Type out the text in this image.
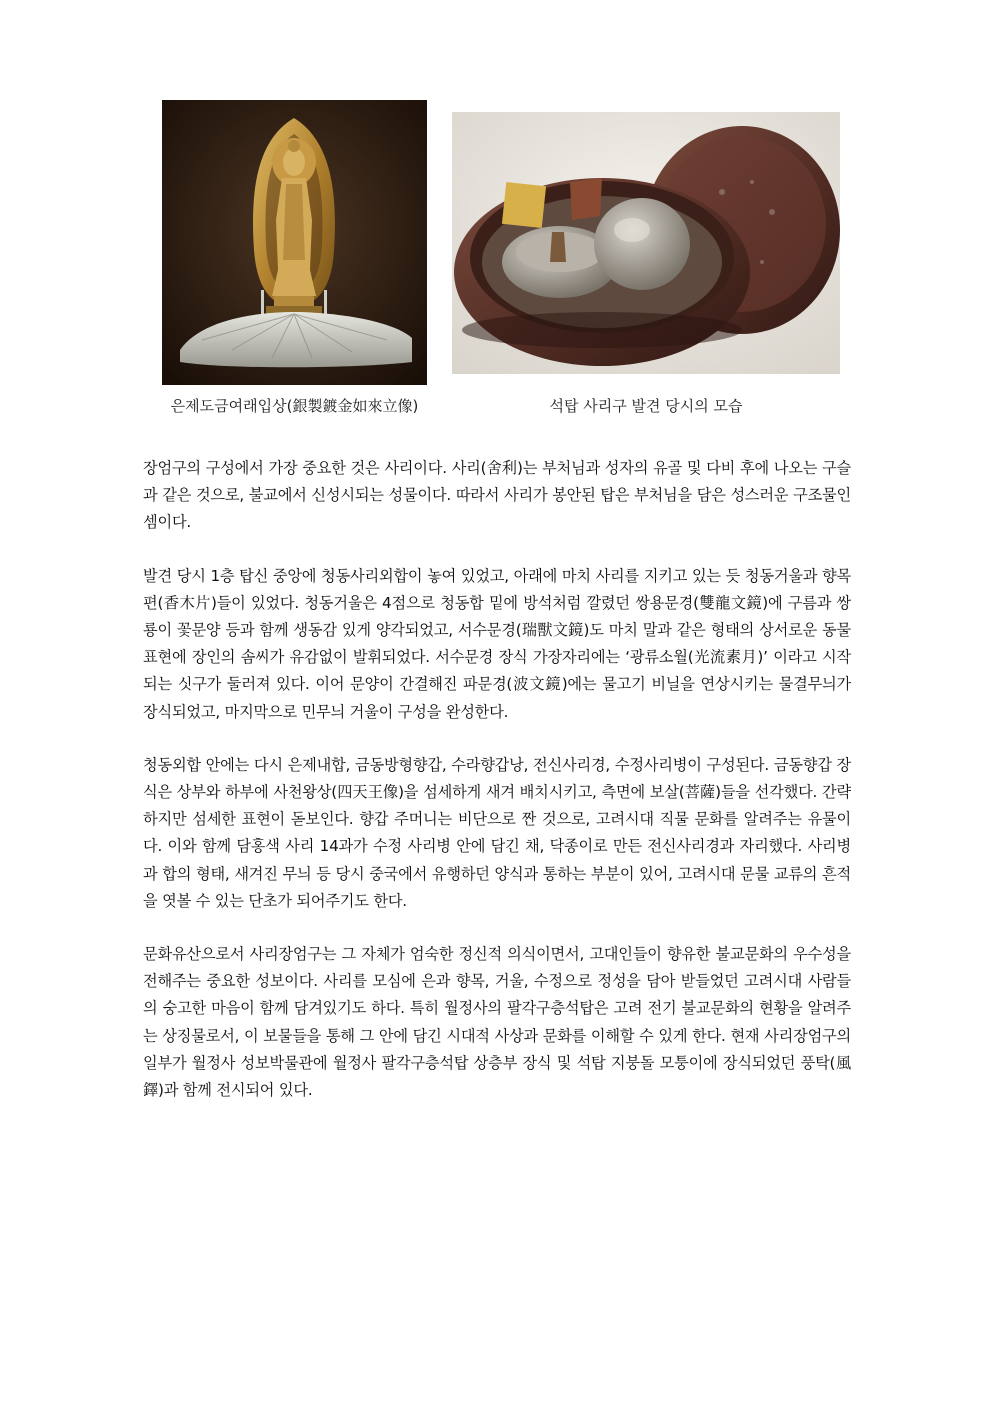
은제도금여래입상(銀製鍍金如來立像)	석탑 사리구 발견 당시의 모습

장엄구의 구성에서 가장 중요한 것은 사리이다. 사리(舍利)는 부처님과 성자의 유골 및 다비 후에 나오는 구슬과 같은 것으로, 불교에서 신성시되는 성물이다. 따라서 사리가 봉안된 탑은 부처님을 담은 성스러운 구조물인 셈이다.

발견 당시 1층 탑신 중앙에 청동사리외합이 놓여 있었고, 아래에 마치 사리를 지키고 있는 듯 청동거울과 향목편(香木片)들이 있었다. 청동거울은 4점으로 청동합 밑에 방석처럼 깔렸던 쌍용문경(雙龍文鏡)에 구름과 쌍룡이 꽃문양 등과 함께 생동감 있게 양각되었고, 서수문경(瑞獸文鏡)도 마치 말과 같은 형태의 상서로운 동물 표현에 장인의 솜씨가 유감없이 발휘되었다. 서수문경 장식 가장자리에는 ‘광류소월(光流素月)’ 이라고 시작되는 싯구가 둘러져 있다. 이어 문양이 간결해진 파문경(波文鏡)에는 물고기 비닐을 연상시키는 물결무늬가 장식되었고, 마지막으로 민무늬 거울이 구성을 완성한다.

청동외합 안에는 다시 은제내합, 금동방형향갑, 수라향갑낭, 전신사리경, 수정사리병이 구성된다. 금동향갑 장식은 상부와 하부에 사천왕상(四天王像)을 섬세하게 새겨 배치시키고, 측면에 보살(菩薩)들을 선각했다. 간략하지만 섬세한 표현이 돋보인다. 향갑 주머니는 비단으로 짠 것으로, 고려시대 직물 문화를 알려주는 유물이다. 이와 함께 담홍색 사리 14과가 수정 사리병 안에 담긴 채, 닥종이로 만든 전신사리경과 자리했다. 사리병과 합의 형태, 새겨진 무늬 등 당시 중국에서 유행하던 양식과 통하는 부분이 있어, 고려시대 문물 교류의 흔적을 엿볼 수 있는 단초가 되어주기도 한다.

문화유산으로서 사리장엄구는 그 자체가 엄숙한 정신적 의식이면서, 고대인들이 향유한 불교문화의 우수성을 전해주는 중요한 성보이다. 사리를 모심에 은과 향목, 거울, 수정으로 정성을 담아 받들었던 고려시대 사람들의 숭고한 마음이 함께 담겨있기도 하다. 특히 월정사의 팔각구층석탑은 고려 전기 불교문화의 현황을 알려주는 상징물로서, 이 보물들을 통해 그 안에 담긴 시대적 사상과 문화를 이해할 수 있게 한다. 현재 사리장엄구의 일부가 월정사 성보박물관에 월정사 팔각구층석탑 상층부 장식 및 석탑 지붕돌 모퉁이에 장식되었던 풍탁(風鐸)과 함께 전시되어 있다.
